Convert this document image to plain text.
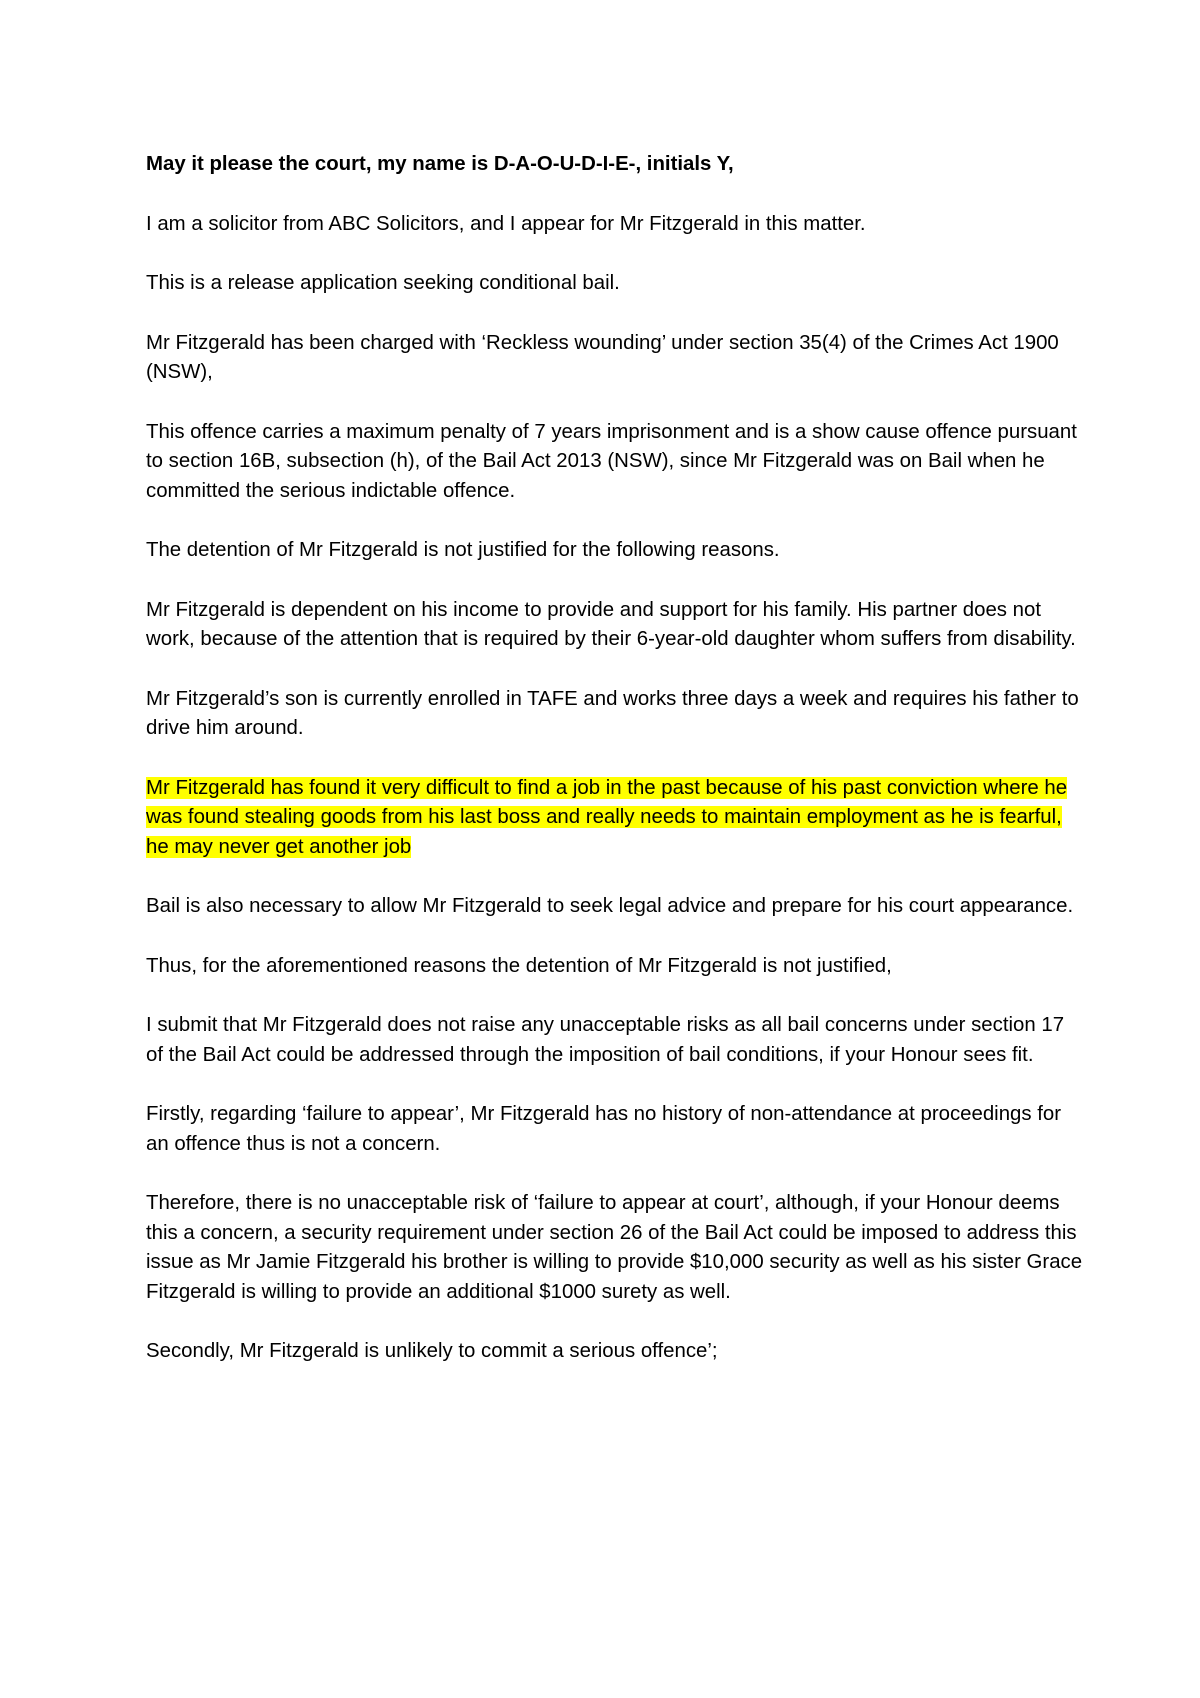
May it please the court, my name is D-A-O-U-D-I-E-, initials Y,

I am a solicitor from ABC Solicitors, and I appear for Mr Fitzgerald in this matter.

This is a release application seeking conditional bail.

Mr Fitzgerald has been charged with ‘Reckless wounding’ under section 35(4) of the Crimes Act 1900 (NSW),

This offence carries a maximum penalty of 7 years imprisonment and is a show cause offence pursuant to section 16B, subsection (h), of the Bail Act 2013 (NSW), since Mr Fitzgerald was on Bail when he committed the serious indictable offence.

The detention of Mr Fitzgerald is not justified for the following reasons.

Mr Fitzgerald is dependent on his income to provide and support for his family. His partner does not work, because of the attention that is required by their 6-year-old daughter whom suffers from disability.

Mr Fitzgerald’s son is currently enrolled in TAFE and works three days a week and requires his father to drive him around.

Mr Fitzgerald has found it very difficult to find a job in the past because of his past conviction where he was found stealing goods from his last boss and really needs to maintain employment as he is fearful, he may never get another job

Bail is also necessary to allow Mr Fitzgerald to seek legal advice and prepare for his court appearance.

Thus, for the aforementioned reasons the detention of Mr Fitzgerald is not justified,

I submit that Mr Fitzgerald does not raise any unacceptable risks as all bail concerns under section 17 of the Bail Act could be addressed through the imposition of bail conditions, if your Honour sees fit.

Firstly, regarding ‘failure to appear’, Mr Fitzgerald has no history of non-attendance at proceedings for an offence thus is not a concern.

Therefore, there is no unacceptable risk of ‘failure to appear at court’, although, if your Honour deems this a concern, a security requirement under section 26 of the Bail Act could be imposed to address this issue as Mr Jamie Fitzgerald his brother is willing to provide $10,000 security as well as his sister Grace Fitzgerald is willing to provide an additional $1000 surety as well.

Secondly, Mr Fitzgerald is unlikely to commit a serious offence’;
